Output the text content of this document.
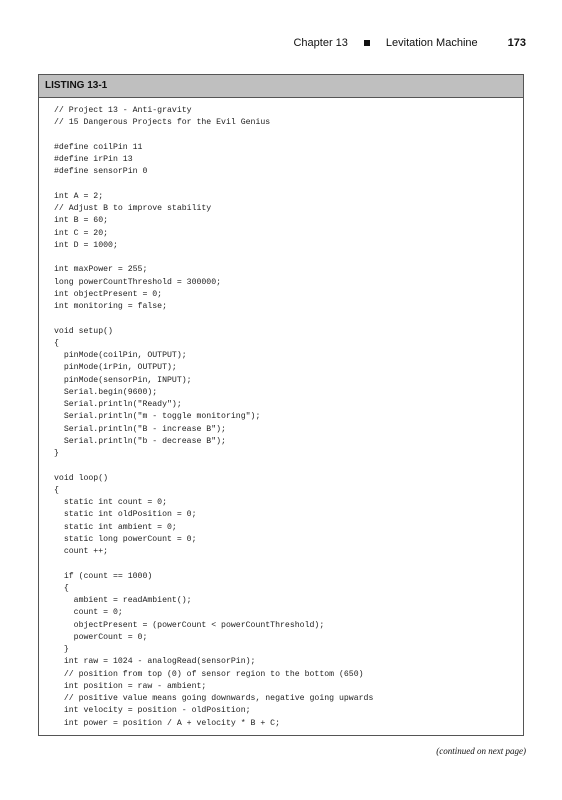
Chapter 13	Levitation Machine	173
LISTING 13-1
// Project 13 - Anti-gravity
// 15 Dangerous Projects for the Evil Genius
#define coilPin 11
#define irPin 13
#define sensorPin 0
int A = 2;
// Adjust B to improve stability
int B = 60;
int C = 20;
int D = 1000;
int maxPower = 255;
long powerCountThreshold = 300000;
int objectPresent = 0;
int monitoring = false;
void setup()
{
pinMode(coilPin, OUTPUT);
pinMode(irPin, OUTPUT);
pinMode(sensorPin, INPUT);
Serial.begin(9600);
Serial.println("Ready");
Serial.println("m - toggle monitoring");
Serial.println("B - increase B");
Serial.println("b - decrease B");
}
void loop()
{
static int count = 0;
static int oldPosition = 0;
static int ambient = 0;
static long powerCount = 0;
count ++;
if (count == 1000)
{
ambient = readAmbient();
count = 0;
objectPresent = (powerCount < powerCountThreshold);
powerCount = 0;
}
int raw = 1024 - analogRead(sensorPin);
// position from top (0) of sensor region to the bottom (650)
int position = raw - ambient;
// positive value means going downwards, negative going upwards
int velocity = position - oldPosition;
int power = position / A + velocity * B + C;
(continued on next page)
